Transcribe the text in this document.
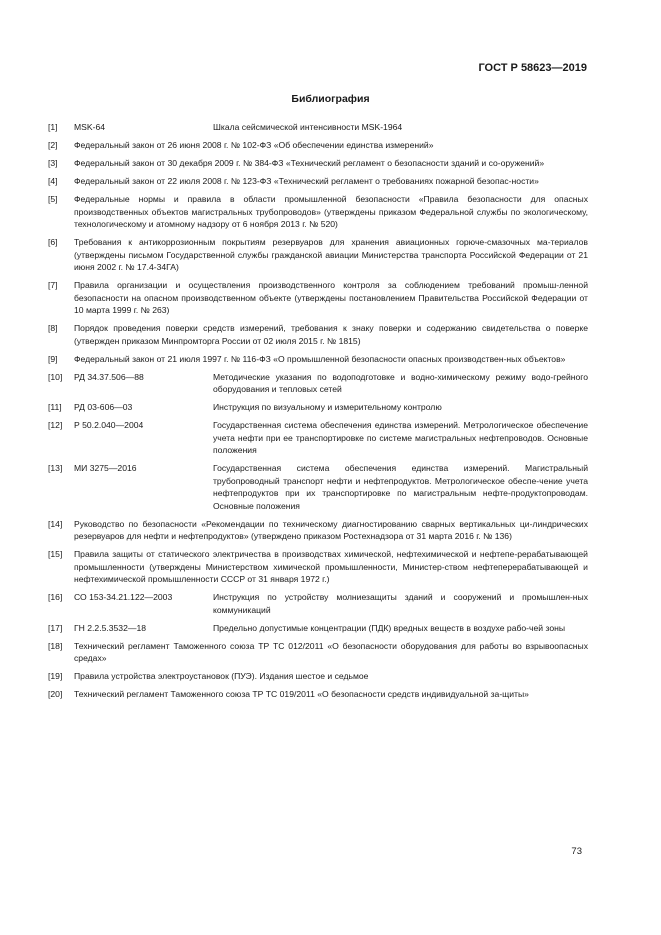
ГОСТ Р 58623—2019
Библиография
[1] MSK-64	Шкала сейсмической интенсивности MSK-1964
[2] Федеральный закон от 26 июня 2008 г. № 102-ФЗ «Об обеспечении единства измерений»
[3] Федеральный закон от 30 декабря 2009 г. № 384-ФЗ «Технический регламент о безопасности зданий и со-оружений»
[4] Федеральный закон от 22 июля 2008 г. № 123-ФЗ «Технический регламент о требованиях пожарной безопас-ности»
[5] Федеральные нормы и правила в области промышленной безопасности «Правила безопасности для опасных производственных объектов магистральных трубопроводов» (утверждены приказом Федеральной службы по экологическому, технологическому и атомному надзору от 6 ноября 2013 г. № 520)
[6] Требования к антикоррозионным покрытиям резервуаров для хранения авиационных горюче-смазочных ма-териалов (утверждены письмом Государственной службы гражданской авиации Министерства транспорта Российской Федерации от 21 июня 2002 г. № 17.4-34ГА)
[7] Правила организации и осуществления производственного контроля за соблюдением требований промыш-ленной безопасности на опасном производственном объекте (утверждены постановлением Правительства Российской Федерации от 10 марта 1999 г. № 263)
[8] Порядок проведения поверки средств измерений, требования к знаку поверки и содержанию свидетельства о поверке (утвержден приказом Минпромторга России от 02 июля 2015 г. № 1815)
[9] Федеральный закон от 21 июля 1997 г. № 116-ФЗ «О промышленной безопасности опасных производствен-ных объектов»
[10] РД 34.37.506—88	Методические указания по водоподготовке и водно-химическому режиму водо-грейного оборудования и тепловых сетей
[11] РД 03-606—03	Инструкция по визуальному и измерительному контролю
[12] Р 50.2.040—2004	Государственная система обеспечения единства измерений. Метрологическое обеспечение учета нефти при ее транспортировке по системе магистральных нефтепроводов. Основные положения
[13] МИ 3275—2016	Государственная система обеспечения единства измерений. Магистральный трубопроводный транспорт нефти и нефтепродуктов. Метрологическое обеспе-чение учета нефтепродуктов при их транспортировке по магистральным нефте-продуктопроводам. Основные положения
[14] Руководство по безопасности «Рекомендации по техническому диагностированию сварных вертикальных ци-линдрических резервуаров для нефти и нефтепродуктов» (утверждено приказом Ростехнадзора от 31 марта 2016 г. № 136)
[15] Правила защиты от статического электричества в производствах химической, нефтехимической и нефтепе-рерабатывающей промышленности (утверждены Министерством химической промышленности, Министер-ством нефтеперерабатывающей и нефтехимической промышленности СССР от 31 января 1972 г.)
[16] СО 153-34.21.122—2003	Инструкция по устройству молниезащиты зданий и сооружений и промышлен-ных коммуникаций
[17] ГН 2.2.5.3532—18	Предельно допустимые концентрации (ПДК) вредных веществ в воздухе рабо-чей зоны
[18] Технический регламент Таможенного союза ТР ТС 012/2011 «О безопасности оборудования для работы во взрывоопасных средах»
[19] Правила устройства электроустановок (ПУЭ). Издания шестое и седьмое
[20] Технический регламент Таможенного союза ТР ТС 019/2011 «О безопасности средств индивидуальной за-щиты»
73
